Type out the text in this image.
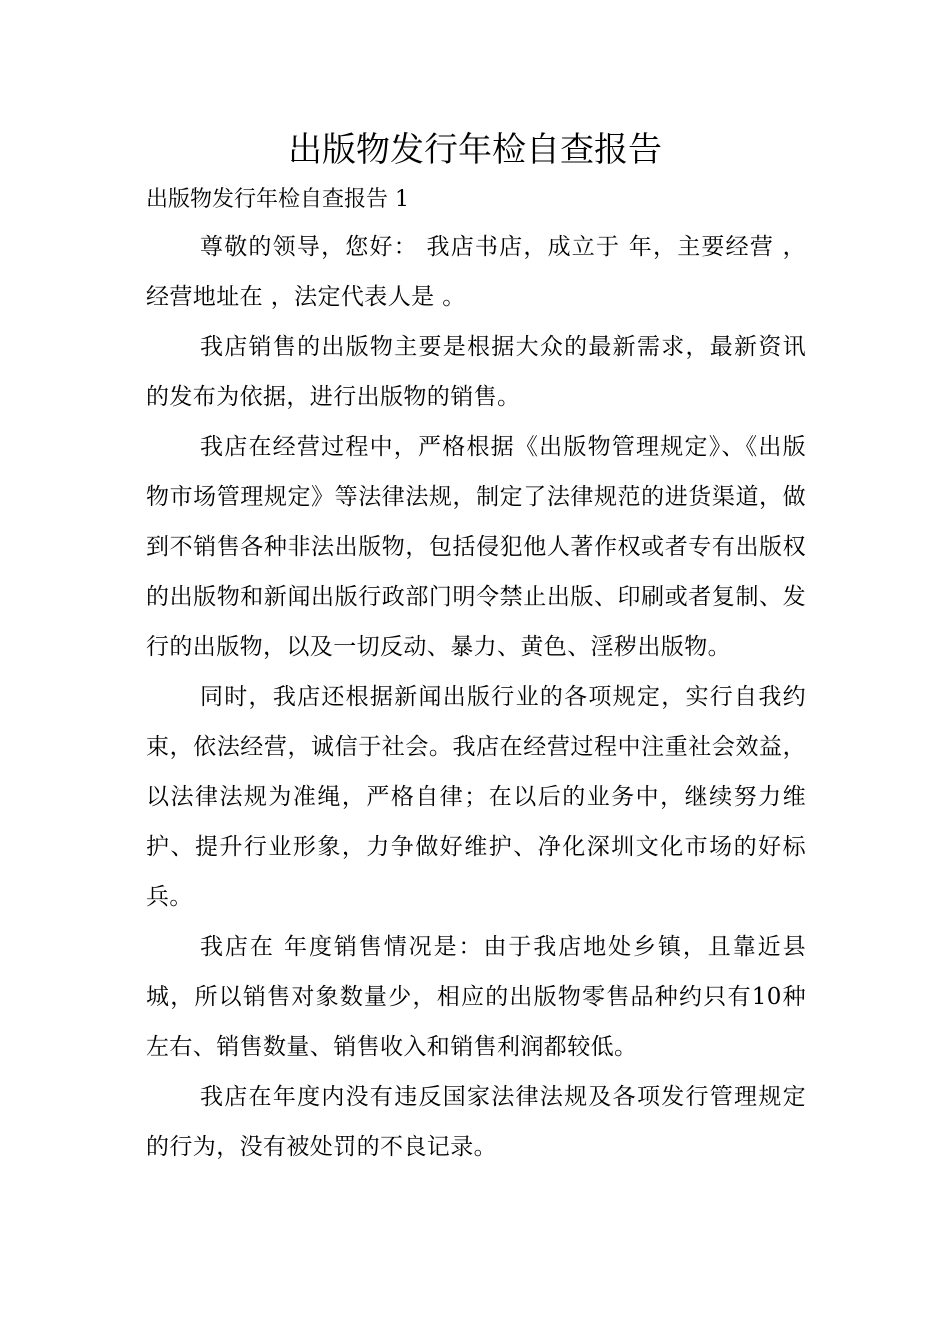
出版物发行年检自查报告

出版物发行年检自查报告 1

尊敬的领导，您好： 我店书店，成立于 年，主要经营 ，经营地址在 ，法定代表人是 。

我店销售的出版物主要是根据大众的最新需求，最新资讯的发布为依据，进行出版物的销售。

我店在经营过程中，严格根据《出版物管理规定》、《出版物市场管理规定》等法律法规，制定了法律规范的进货渠道，做到不销售各种非法出版物，包括侵犯他人著作权或者专有出版权的出版物和新闻出版行政部门明令禁止出版、印刷或者复制、发行的出版物，以及一切反动、暴力、黄色、淫秽出版物。

同时，我店还根据新闻出版行业的各项规定，实行自我约束，依法经营，诚信于社会。我店在经营过程中注重社会效益，以法律法规为准绳，严格自律；在以后的业务中，继续努力维护、提升行业形象，力争做好维护、净化深圳文化市场的好标兵。

我店在 年度销售情况是：由于我店地处乡镇，且靠近县城，所以销售对象数量少，相应的出版物零售品种约只有10种左右、销售数量、销售收入和销售利润都较低。

我店在年度内没有违反国家法律法规及各项发行管理规定的行为，没有被处罚的不良记录。
